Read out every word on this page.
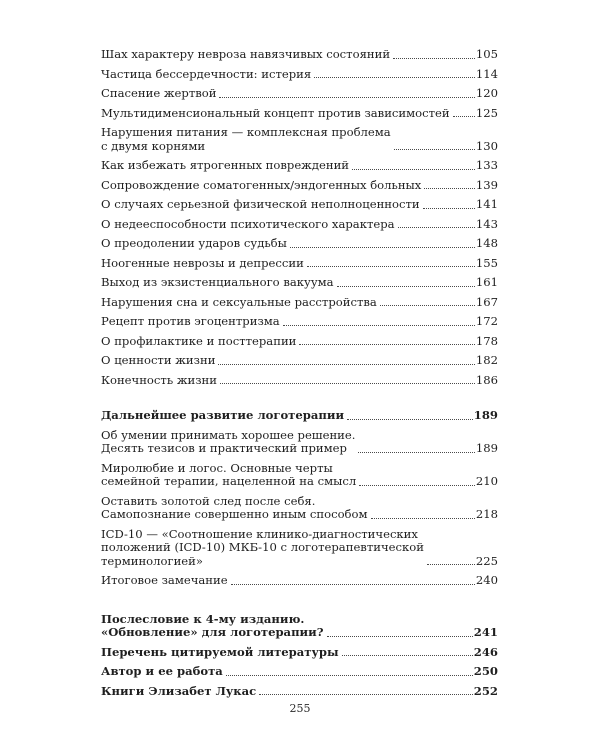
Шах характеру невроза навязчивых состояний	105
Частица бессердечности: истерия	114
Спасение жертвой	120
Мультидименсиональный концепт против зависимостей 125
Нарушения питания — комплексная проблема
с двумя корнями	130
Как избежать ятрогенных повреждений	133
Сопровождение соматогенных/эндогенных больных	139
О случаях серьезной физической неполноценности	141
О недееспособности психотического характера	143
О преодолении ударов судьбы	148
Ноогенные неврозы и депрессии	155
Выход из экзистенциального вакуума	161
Нарушения сна и сексуальные расстройства	167
Рецепт против эгоцентризма	172
О профилактике и посттерапии	178
О ценности жизни	182
Конечность жизни	186
Дальнейшее развитие логотерапии	189
Об умении принимать хорошее решение.
Десять тезисов и практический пример	189
Миролюбие и логос. Основные черты
семейной терапии, нацеленной на смысл	210
Оставить золотой след после себя.
Самопознание совершенно иным способом	218
ICD-10 — «Соотношение клинико-диагностических
положений (ICD-10) МКБ-10 с логотерапевтической
терминологией»	225
Итоговое замечание	240
Послесловие к 4-му изданию.
«Обновление» для логотерапии?	241
Перечень цитируемой литературы	246
Автор и ее работа	250
Книги Элизабет Лукас	252
255
